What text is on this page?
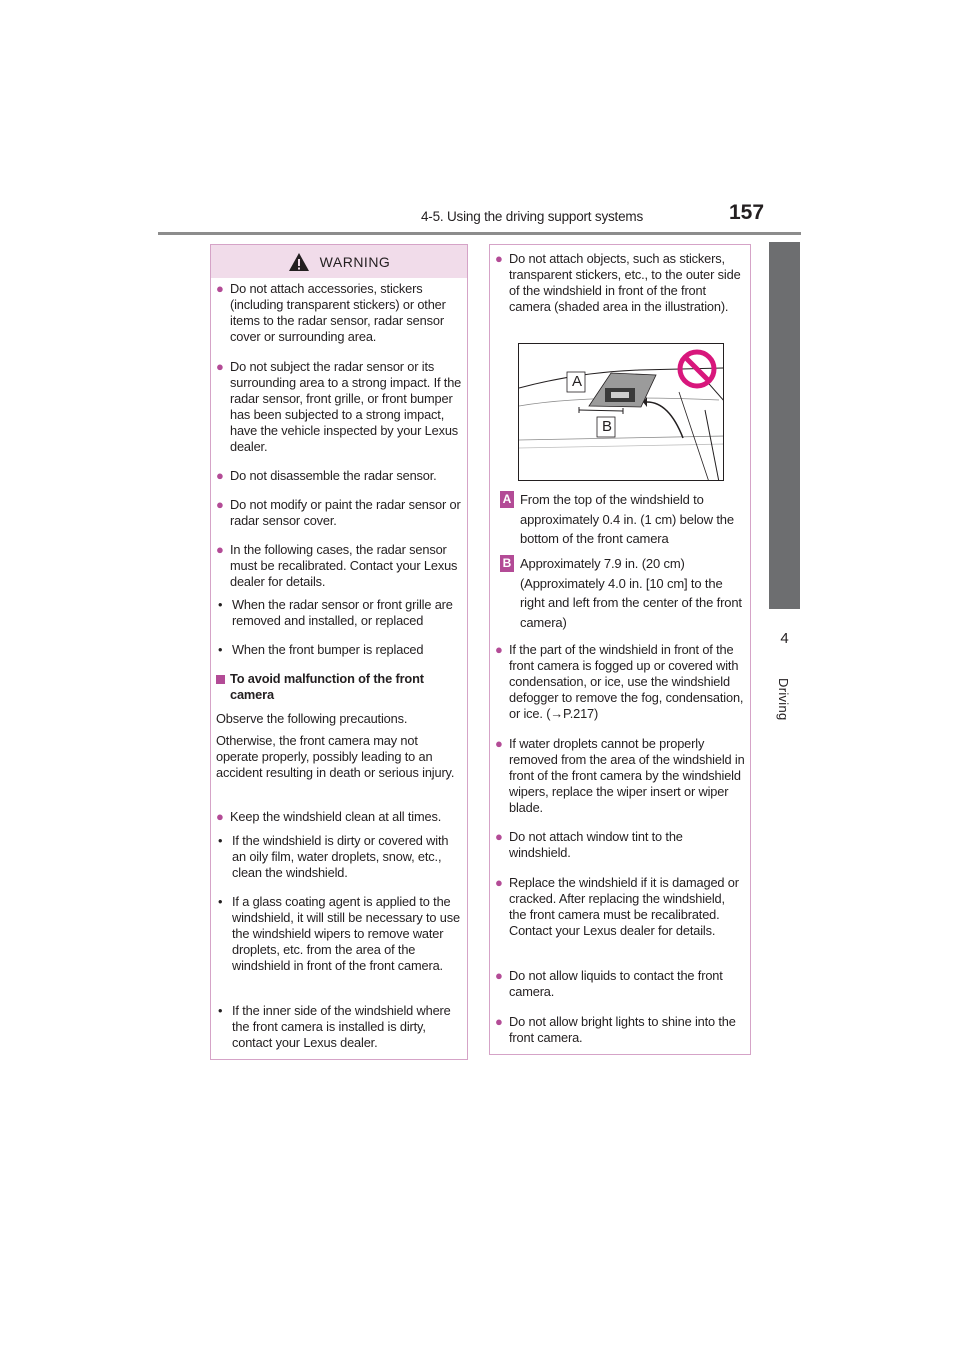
4-5. Using the driving support systems	157
4
Driving
WARNING
● Do not attach accessories, stickers (including transparent stickers) or other items to the radar sensor, radar sensor cover or surrounding area.
● Do not subject the radar sensor or its surrounding area to a strong impact. If the radar sensor, front grille, or front bumper has been subjected to a strong impact, have the vehicle inspected by your Lexus dealer.
● Do not disassemble the radar sensor.
● Do not modify or paint the radar sensor or radar sensor cover.
● In the following cases, the radar sensor must be recalibrated. Contact your Lexus dealer for details.
• When the radar sensor or front grille are removed and installed, or replaced
• When the front bumper is replaced
To avoid malfunction of the front camera
Observe the following precautions.
Otherwise, the front camera may not operate properly, possibly leading to an accident resulting in death or serious injury.
● Keep the windshield clean at all times.
• If the windshield is dirty or covered with an oily film, water droplets, snow, etc., clean the windshield.
• If a glass coating agent is applied to the windshield, it will still be necessary to use the windshield wipers to remove water droplets, etc. from the area of the windshield in front of the front camera.
• If the inner side of the windshield where the front camera is installed is dirty, contact your Lexus dealer.
● Do not attach objects, such as stickers, transparent stickers, etc., to the outer side of the windshield in front of the front camera (shaded area in the illustration).
A
B
A From the top of the windshield to approximately 0.4 in. (1 cm) below the bottom of the front camera
B Approximately 7.9 in. (20 cm) (Approximately 4.0 in. [10 cm] to the right and left from the center of the front camera)
● If the part of the windshield in front of the front camera is fogged up or covered with condensation, or ice, use the windshield defogger to remove the fog, condensation, or ice. (→P.217)
● If water droplets cannot be properly removed from the area of the windshield in front of the front camera by the windshield wipers, replace the wiper insert or wiper blade.
● Do not attach window tint to the windshield.
● Replace the windshield if it is damaged or cracked. After replacing the windshield, the front camera must be recalibrated. Contact your Lexus dealer for details.
● Do not allow liquids to contact the front camera.
● Do not allow bright lights to shine into the front camera.
